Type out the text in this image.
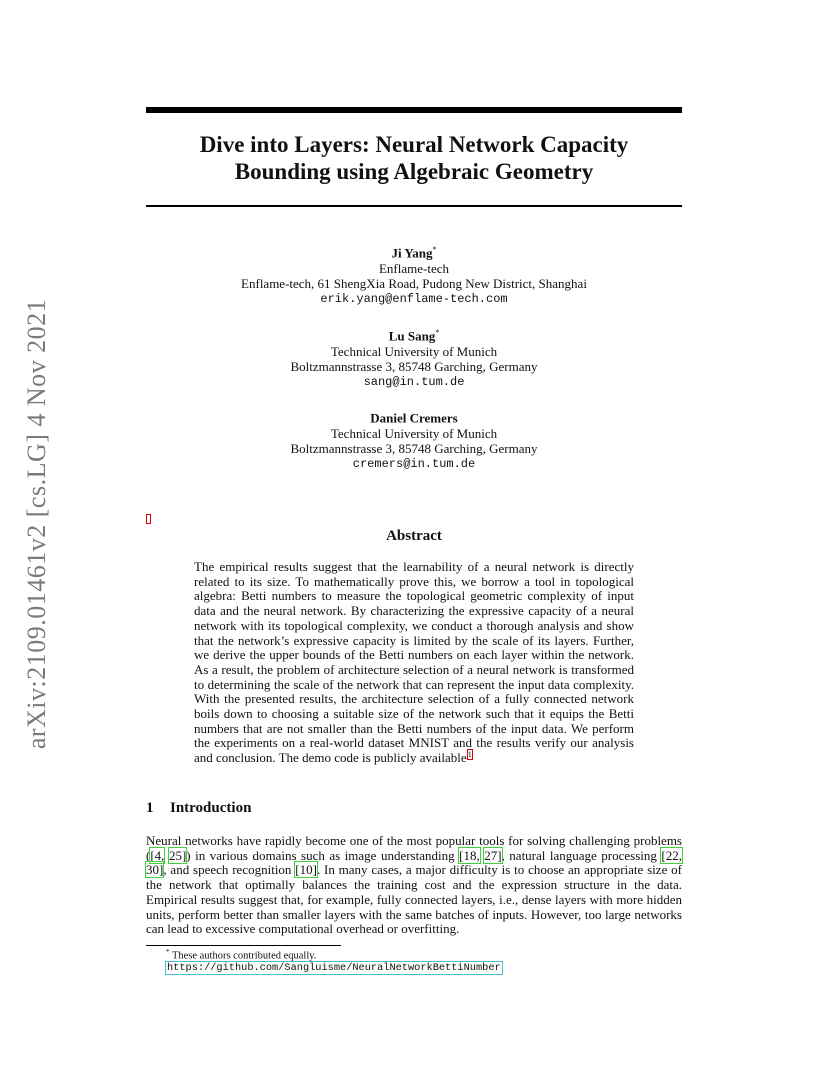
arXiv:2109.01461v2 [cs.LG] 4 Nov 2021
Dive into Layers: Neural Network Capacity
Bounding using Algebraic Geometry
Ji Yang*
Enflame-tech
Enflame-tech, 61 ShengXia Road, Pudong New District, Shanghai
erik.yang@enflame-tech.com
Lu Sang*
Technical University of Munich
Boltzmannstrasse 3, 85748 Garching, Germany
sang@in.tum.de
Daniel Cremers
Technical University of Munich
Boltzmannstrasse 3, 85748 Garching, Germany
cremers@in.tum.de
Abstract
The empirical results suggest that the learnability of a neural network is directly related to its size. To mathematically prove this, we borrow a tool in topological algebra: Betti numbers to measure the topological geometric complexity of input data and the neural network. By characterizing the expressive capacity of a neural network with its topological complexity, we conduct a thorough analysis and show that the network’s expressive capacity is limited by the scale of its layers. Further, we derive the upper bounds of the Betti numbers on each layer within the network. As a result, the problem of architecture selection of a neural network is transformed to determining the scale of the network that can represent the input data complexity. With the presented results, the architecture selection of a fully connected network boils down to choosing a suitable size of the network such that it equips the Betti numbers that are not smaller than the Betti numbers of the input data. We perform the experiments on a real-world dataset MNIST and the results verify our analysis and conclusion. The demo code is publicly available$^1$
1 Introduction
Neural networks have rapidly become one of the most popular tools for solving challenging problems ([4, 25]) in various domains such as image understanding [18, 27], natural language processing [22, 30], and speech recognition [10]. In many cases, a major difficulty is to choose an appropriate size of the network that optimally balances the training cost and the expression structure in the data. Empirical results suggest that, for example, fully connected layers, i.e., dense layers with more hidden units, perform better than smaller layers with the same batches of inputs. However, too large networks can lead to excessive computational overhead or overfitting.
* These authors contributed equally.
https://github.com/Sangluisme/NeuralNetworkBettiNumber
